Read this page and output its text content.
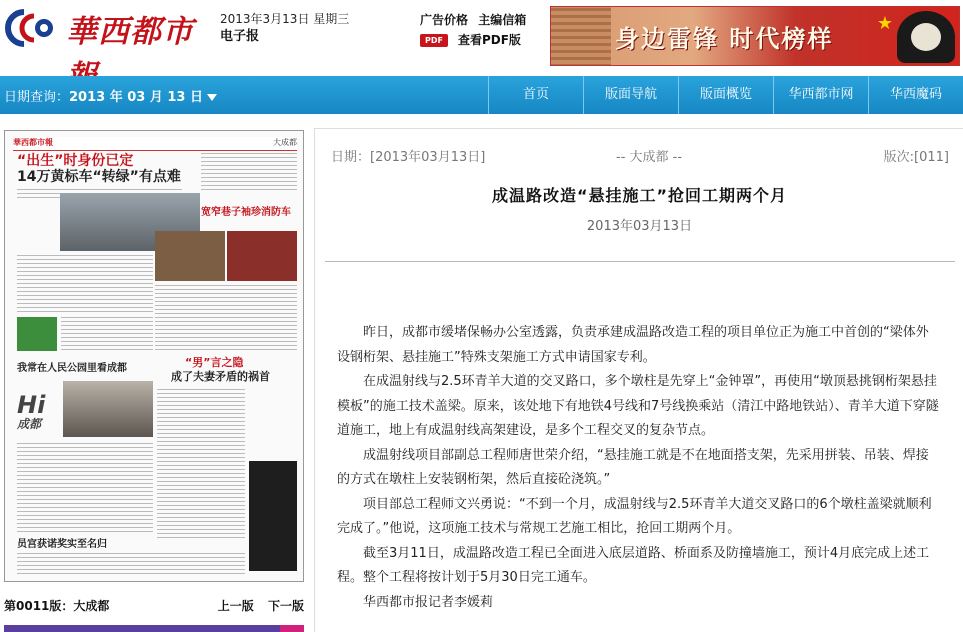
華西都市	2013年3月13日 星期三
电子报
广告价格 主编信箱
PDF	查看PDF版	身边雷锋 时代榜样
★
日期查询：2013 年 03 月 13 日	首页	版面导航	版面概览	华西都市网	华西魔码
華西都市報	大成都
“出生”时身份已定
14万黄标车“转绿”有点难
宽窄巷子袖珍消防车
“男”言之隐
成了夫妻矛盾的祸首
我常在人民公园里看成都
Hi
成都
员宫获诺奖实至名归
第0011版：大成都	上一版 下一版
日期：[2013年03月13日]	-- 大成都 --	版次:[011]
成温路改造“悬挂施工”抢回工期两个月
2013年03月13日

昨日，成都市缓堵保畅办公室透露，负责承建成温路改造工程的项目单位正为施工中首创的“梁体外设钢桁架、悬挂施工”特殊支架施工方式申请国家专利。

在成温射线与2.5环青羊大道的交叉路口，多个墩柱是先穿上“金钟罩”，再使用“墩顶悬挑钢桁架悬挂模板”的施工技术盖梁。原来，该处地下有地铁4号线和7号线换乘站（清江中路地铁站）、青羊大道下穿隧道施工，地上有成温射线高架建设，是多个工程交叉的复杂节点。

成温射线项目部副总工程师唐世荣介绍，“悬挂施工就是不在地面搭支架，先采用拼装、吊装、焊接的方式在墩柱上安装钢桁架，然后直接砼浇筑。”

项目部总工程师文兴勇说：“不到一个月，成温射线与2.5环青羊大道交叉路口的6个墩柱盖梁就顺利完成了。”他说，这项施工技术与常规工艺施工相比，抢回工期两个月。

截至3月11日，成温路改造工程已全面进入底层道路、桥面系及防撞墙施工，预计4月底完成上述工程。整个工程将按计划于5月30日完工通车。

华西都市报记者李媛莉
